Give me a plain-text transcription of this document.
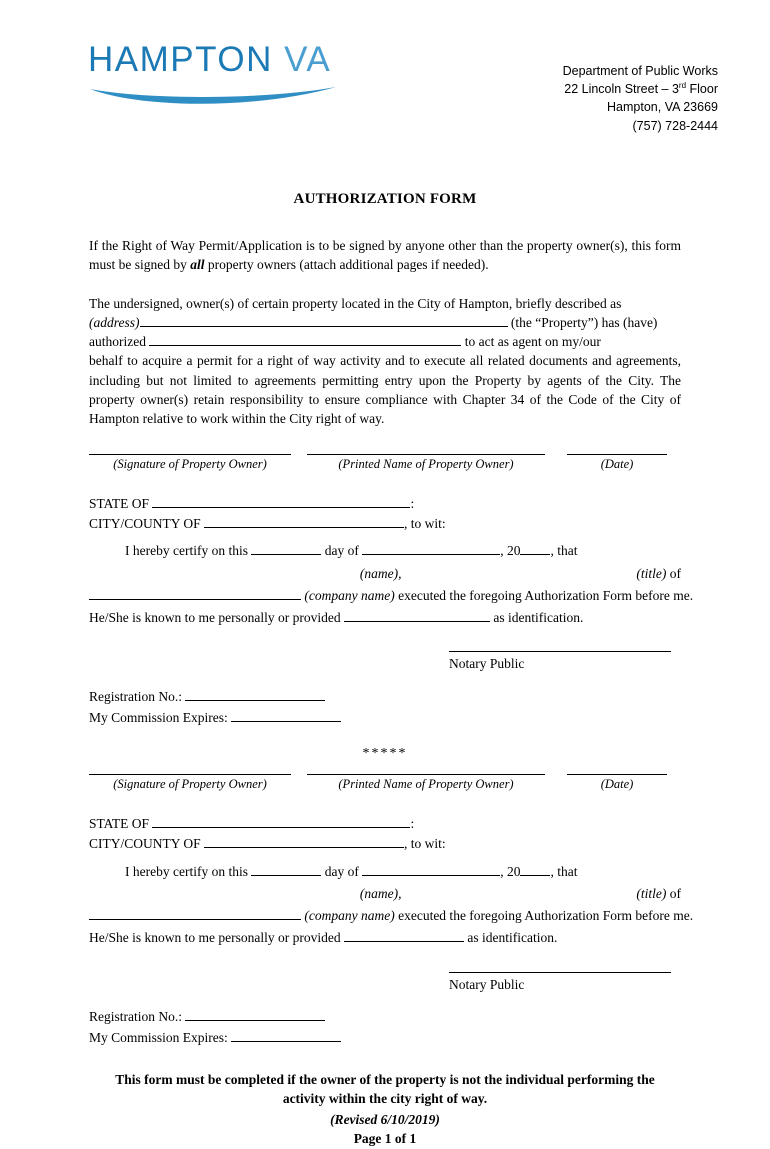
HAMPTON VA	Department of Public Works
22 Lincoln Street – 3rd Floor
Hampton, VA 23669
(757) 728-2444
AUTHORIZATION FORM

If the Right of Way Permit/Application is to be signed by anyone other than the property owner(s), this form must be signed by all property owners (attach additional pages if needed).

The undersigned, owner(s) of certain property located in the City of Hampton, briefly described as
(address)	(the “Property”) has (have)
authorized	to act as agent on my/our
behalf to acquire a permit for a right of way activity and to execute all related documents and agreements, including but not limited to agreements permitting entry upon the Property by agents of the City. The property owner(s) retain responsibility to ensure compliance with Chapter 34 of the Code of the City of Hampton relative to work within the City right of way.

(Signature of Property Owner)	(Printed Name of Property Owner)	(Date)
STATE OF	:
CITY/COUNTY OF	, to wit:
I hereby certify on this	day of	, 20 , that
(name),	(title) of
(company name) executed the foregoing Authorization Form before me.
He/She is known to me personally or provided	as identification.
Notary Public
Registration No.:
My Commission Expires:
*****
(Signature of Property Owner)	(Printed Name of Property Owner)	(Date)
STATE OF	:
CITY/COUNTY OF	, to wit:
I hereby certify on this	day of	, 20 , that
(name),	(title) of
(company name) executed the foregoing Authorization Form before me.
He/She is known to me personally or provided	as identification.
Notary Public
Registration No.:
My Commission Expires:
This form must be completed if the owner of the property is not the individual performing the
activity within the city right of way.
(Revised 6/10/2019)
Page 1 of 1
